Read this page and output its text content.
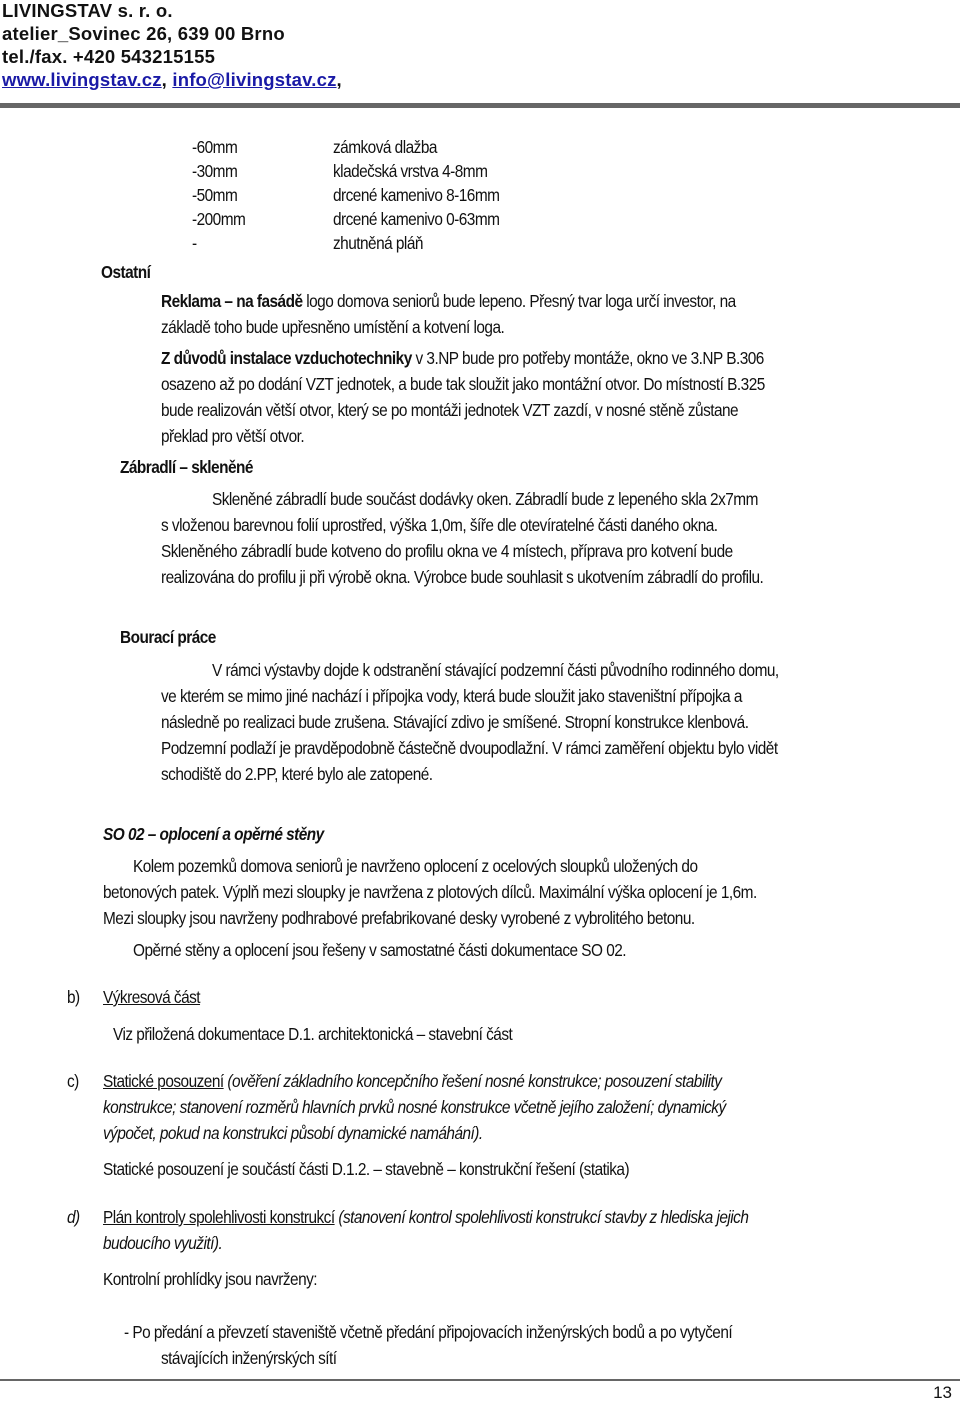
LIVINGSTAV s. r. o.
atelier_Sovinec 26, 639 00 Brno
tel./fax. +420 543215155
www.livingstav.cz, info@livingstav.cz,
-60mm	zámková dlažba
-30mm	kladečská vrstva 4-8mm
-50mm	drcené kamenivo 8-16mm
-200mm	drcené kamenivo 0-63mm
-	zhutněná pláň
Ostatní
Reklama – na fasádě logo domova seniorů bude lepeno. Přesný tvar loga určí investor, na
základě toho bude upřesněno umístění a kotvení loga.
Z důvodů instalace vzduchotechniky v 3.NP bude pro potřeby montáže, okno ve 3.NP B.306
osazeno až po dodání VZT jednotek, a bude tak sloužit jako montážní otvor. Do místností B.325
bude realizován větší otvor, který se po montáži jednotek VZT zazdí, v nosné stěně zůstane
překlad pro větší otvor.
Zábradlí – skleněné
Skleněné zábradlí bude součást dodávky oken. Zábradlí bude z lepeného skla 2x7mm
s vloženou barevnou folií uprostřed, výška 1,0m, šíře dle otevíratelné části daného okna.
Skleněného zábradlí bude kotveno do profilu okna ve 4 místech, příprava pro kotvení bude
realizována do profilu ji při výrobě okna. Výrobce bude souhlasit s ukotvením zábradlí do profilu.
Bourací práce
V rámci výstavby dojde k odstranění stávající podzemní části původního rodinného domu,
ve kterém se mimo jiné nachází i přípojka vody, která bude sloužit jako staveništní přípojka a
následně po realizaci bude zrušena. Stávající zdivo je smíšené. Stropní konstrukce klenbová.
Podzemní podlaží je pravděpodobně částečně dvoupodlažní. V rámci zaměření objektu bylo vidět
schodiště do 2.PP, které bylo ale zatopené.
SO 02 – oplocení a opěrné stěny
Kolem pozemků domova seniorů je navrženo oplocení z ocelových sloupků uložených do
betonových patek. Výplň mezi sloupky je navržena z plotových dílců. Maximální výška oplocení je 1,6m.
Mezi sloupky jsou navrženy podhrabové prefabrikované desky vyrobené z vybrolitého betonu.
Opěrné stěny a oplocení jsou řešeny v samostatné části dokumentace SO 02.
b) Výkresová část
Viz přiložená dokumentace D.1. architektonická – stavební část
c) Statické posouzení (ověření základního koncepčního řešení nosné konstrukce; posouzení stability
konstrukce; stanovení rozměrů hlavních prvků nosné konstrukce včetně jejího založení; dynamický
výpočet, pokud na konstrukci působí dynamické namáhání).
Statické posouzení je součástí části D.1.2. – stavebně – konstrukční řešení (statika)
d) Plán kontroly spolehlivosti konstrukcí (stanovení kontrol spolehlivosti konstrukcí stavby z hlediska jejich
budoucího využití).
Kontrolní prohlídky jsou navrženy:
- Po předání a převzetí staveniště včetně předání připojovacích inženýrských bodů a po vytyčení
stávajících inženýrských sítí
13
